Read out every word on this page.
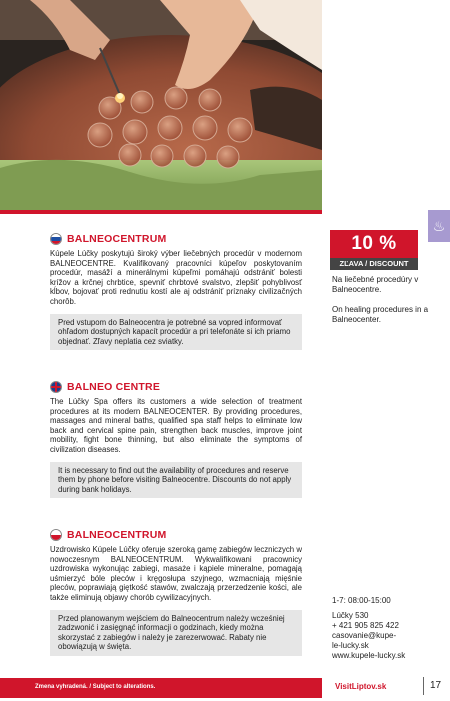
♨
10 %
ZĽAVA / DISCOUNT
Na liečebné procedúry v Balneocentre.
On healing procedures in a Balneocenter.
BALNEOCENTRUM
Kúpele Lúčky poskytujú široký výber liečebných procedúr v modernom BALNEOCENTRE. Kvalifikovaný pracovníci kúpeľov poskytovaním procedúr, masáží a minerálnymi kúpeľmi pomáhajú odstrániť bolesti krížov a krčnej chrbtice, spevniť chrbtové svalstvo, zlepšiť pohyblivosť kĺbov, bojovať proti rednutiu kostí ale aj odstrániť príznaky civilizačných chorôb.
Pred vstupom do Balneocentra je potrebné sa vopred informovať ohľadom dostupných kapacít procedúr a pri telefonáte si ich priamo objednať. Zľavy neplatia cez sviatky.
BALNEO CENTRE
The Lúčky Spa offers its customers a wide selection of treatment procedures at its modern BALNEOCENTER. By providing procedures, massages and mineral baths, qualified spa staff helps to eliminate low back and cervical spine pain, strengthen back muscles, improve joint mobility, fight bone thinning, but also eliminate the symptoms of civilization diseases.
It is necessary to find out the availability of procedures and reserve them by phone before visiting Balneocentre. Discounts do not apply during bank holidays.
BALNEOCENTRUM
Uzdrowisko Kúpele Lúčky oferuje szeroką gamę zabiegów leczniczych w nowoczesnym BALNEOCENTRUM. Wykwalifikowani pracownicy uzdrowiska wykonując zabiegi, masaże i kąpiele mineralne, pomagają uśmierzyć bóle pleców i kręgosłupa szyjnego, wzmacniają mięśnie pleców, poprawiają giętkość stawów, zwalczają przerzedzenie kości, ale także eliminują objawy chorób cywilizacyjnych.
Przed planowanym wejściem do Balneocentrum należy wcześniej zadzwonić i zasięgnąć informacji o godzinach, kiedy można skorzystać z zabiegów i należy je zarezerwować. Rabaty nie obowiązują w święta.
1-7: 08:00-15:00
Lúčky 530
+ 421 905 825 422
casovanie@kupe-
le-lucky.sk
www.kupele-lucky.sk
Zmena vyhradená. / Subject to alterations.	VisitLiptov.sk	17
